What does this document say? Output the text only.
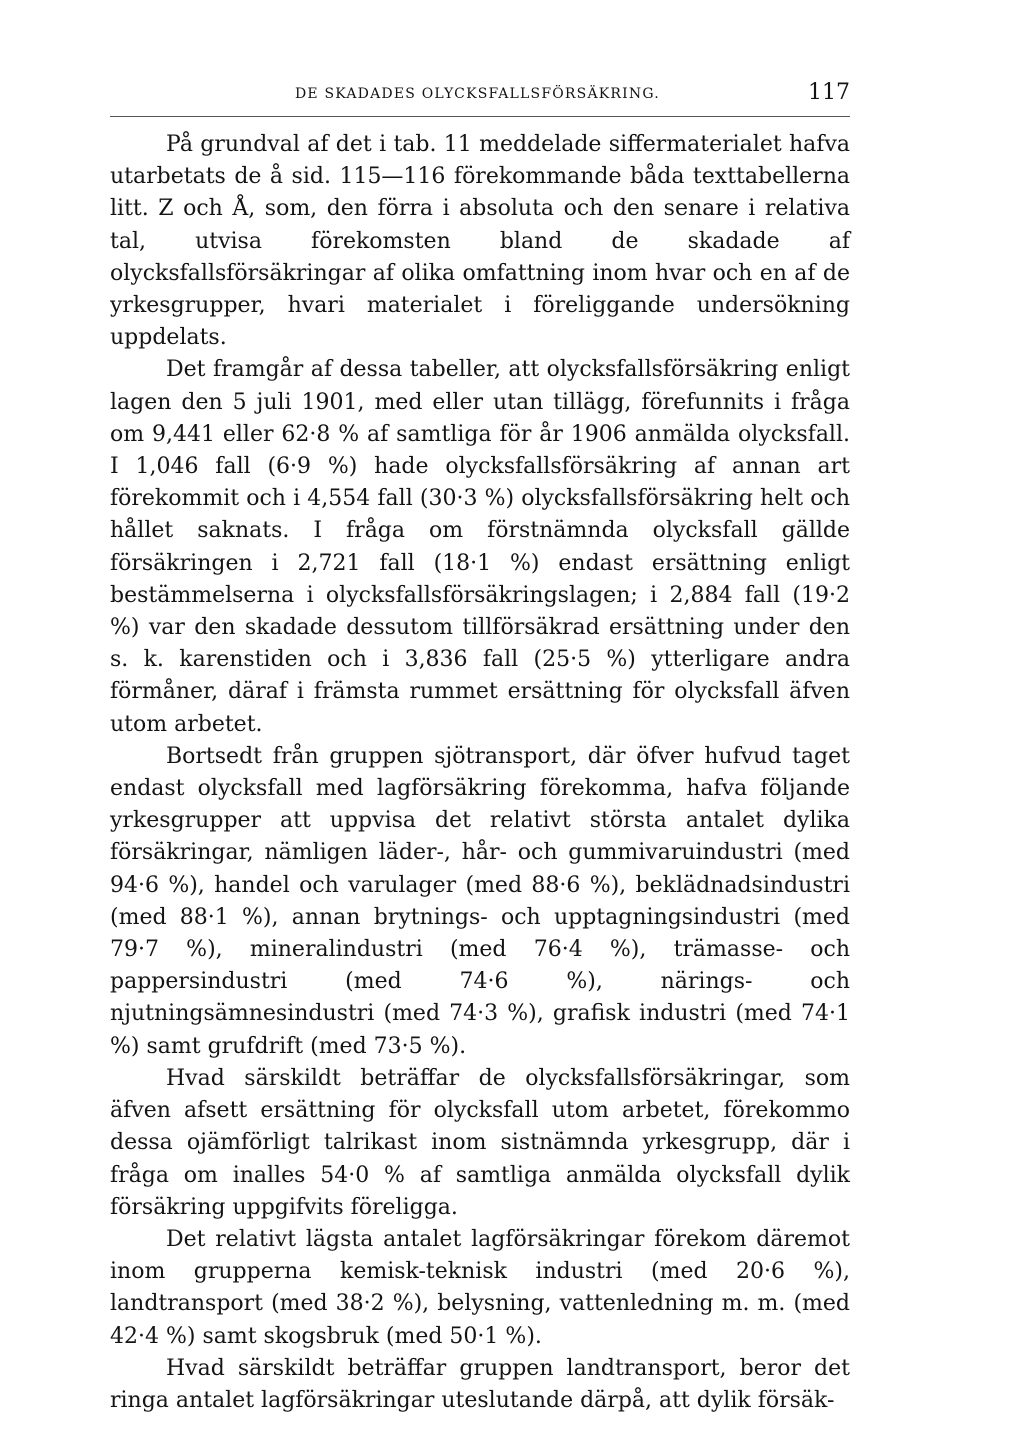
DE SKADADES OLYCKSFALLSFÖRSÄKRING.	117

På grundval af det i tab. 11 meddelade siffermaterialet hafva utarbetats de å sid. 115—116 förekommande båda texttabellerna litt. Z och Å, som, den förra i absoluta och den senare i relativa tal, utvisa förekomsten bland de skadade af olycksfallsförsäkringar af olika omfattning inom hvar och en af de yrkesgrupper, hvari materialet i föreliggande undersökning uppdelats.

Det framgår af dessa tabeller, att olycksfallsförsäkring enligt lagen den 5 juli 1901, med eller utan tillägg, förefunnits i fråga om 9,441 eller 62·8 % af samtliga för år 1906 anmälda olycksfall. I 1,046 fall (6·9 %) hade olycksfallsförsäkring af annan art förekommit och i 4,554 fall (30·3 %) olycksfallsförsäkring helt och hållet saknats. I fråga om förstnämnda olycksfall gällde försäkringen i 2,721 fall (18·1 %) endast ersättning enligt bestämmelserna i olycksfallsförsäkringslagen; i 2,884 fall (19·2 %) var den skadade dessutom tillförsäkrad ersättning under den s. k. karenstiden och i 3,836 fall (25·5 %) ytterligare andra förmåner, däraf i främsta rummet ersättning för olycksfall äfven utom arbetet.

Bortsedt från gruppen sjötransport, där öfver hufvud taget endast olycksfall med lagförsäkring förekomma, hafva följande yrkesgrupper att uppvisa det relativt största antalet dylika försäkringar, nämligen läder-, hår- och gummivaruindustri (med 94·6 %), handel och varulager (med 88·6 %), beklädnadsindustri (med 88·1 %), annan brytnings- och upptagningsindustri (med 79·7 %), mineralindustri (med 76·4 %), trämasse- och pappersindustri (med 74·6 %), närings- och njutningsämnesindustri (med 74·3 %), grafisk industri (med 74·1 %) samt grufdrift (med 73·5 %).

Hvad särskildt beträffar de olycksfallsförsäkringar, som äfven afsett ersättning för olycksfall utom arbetet, förekommo dessa ojämförligt talrikast inom sistnämnda yrkesgrupp, där i fråga om inalles 54·0 % af samtliga anmälda olycksfall dylik försäkring uppgifvits föreligga.

Det relativt lägsta antalet lagförsäkringar förekom däremot inom grupperna kemisk-teknisk industri (med 20·6 %), landtransport (med 38·2 %), belysning, vattenledning m. m. (med 42·4 %) samt skogsbruk (med 50·1 %).

Hvad särskildt beträffar gruppen landtransport, beror det ringa antalet lagförsäkringar uteslutande därpå, att dylik försäk-
